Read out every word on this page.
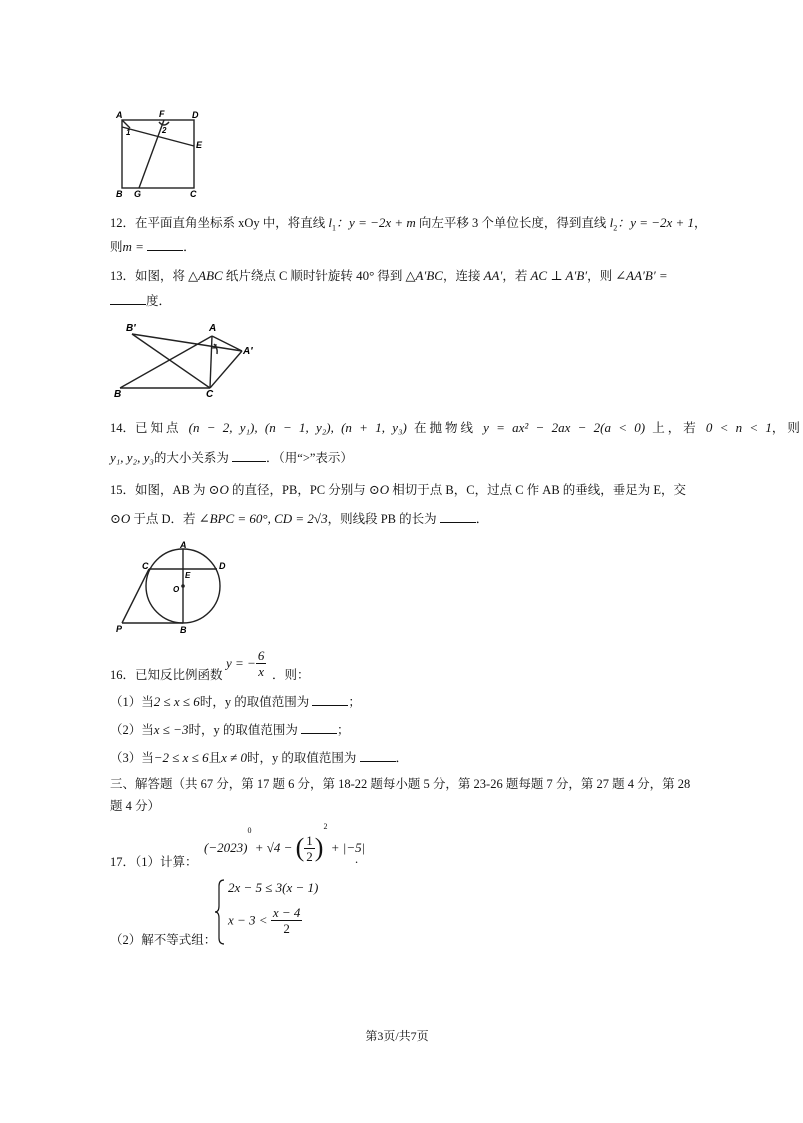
A	F	D
1	2
E
B G	C
12．在平面直角坐标系 xOy 中，将直线 $l_1$：y = −2x + m 向左平移 3 个单位长度，得到直线 $l_2$：y = −2x + 1，
则m =	．
13．如图，将 △ABC 纸片绕点 C 顺时针旋转 40° 得到 △A′BC，连接 AA′，若 AC ⊥ A′B′，则 ∠AA′B′ =
度．
B′	A
A′
B	C
14．已知点 (n − 2, y₁), (n − 1, y₂), (n + 1, y₃) 在抛物线 y = ax² − 2ax − 2(a < 0) 上，若 0 < n < 1，则
y₁, y₂, y₃的大小关系为	．（用“>”表示）
15．如图，AB 为 ⊙O 的直径，PB，PC 分别与 ⊙O 相切于点 B，C，过点 C 作 AB 的垂线，垂足为 E，交
⊙O 于点 D．若 ∠BPC = 60°, CD = 2√3，则线段 PB 的长为	．
A
C	D
E
O
P	B
16．已知反比例函数
y = − $\frac{6}{x}$ ．则：
（1）当2 ≤ x ≤ 6时，y 的取值范围为	；
（2）当x ≤ −3时，y 的取值范围为	；
（3）当−2 ≤ x ≤ 6且x ≠ 0时，y 的取值范围为	．
三、解答题（共 67 分，第 17 题 6 分，第 18-22 题每小题 5 分，第 23-26 题每题 7 分，第 27 题 4 分，第 28
题 4 分）
17．（1）计算：
$(-2023)^0 + √4$ − ( $\frac{1}{2} )^2 + |-5|$
.
（2）解不等式组：
2x − 5 ≤ 3(x − 1)
$x - 3 < \frac{x - 4}{2}$
第3页/共7页
